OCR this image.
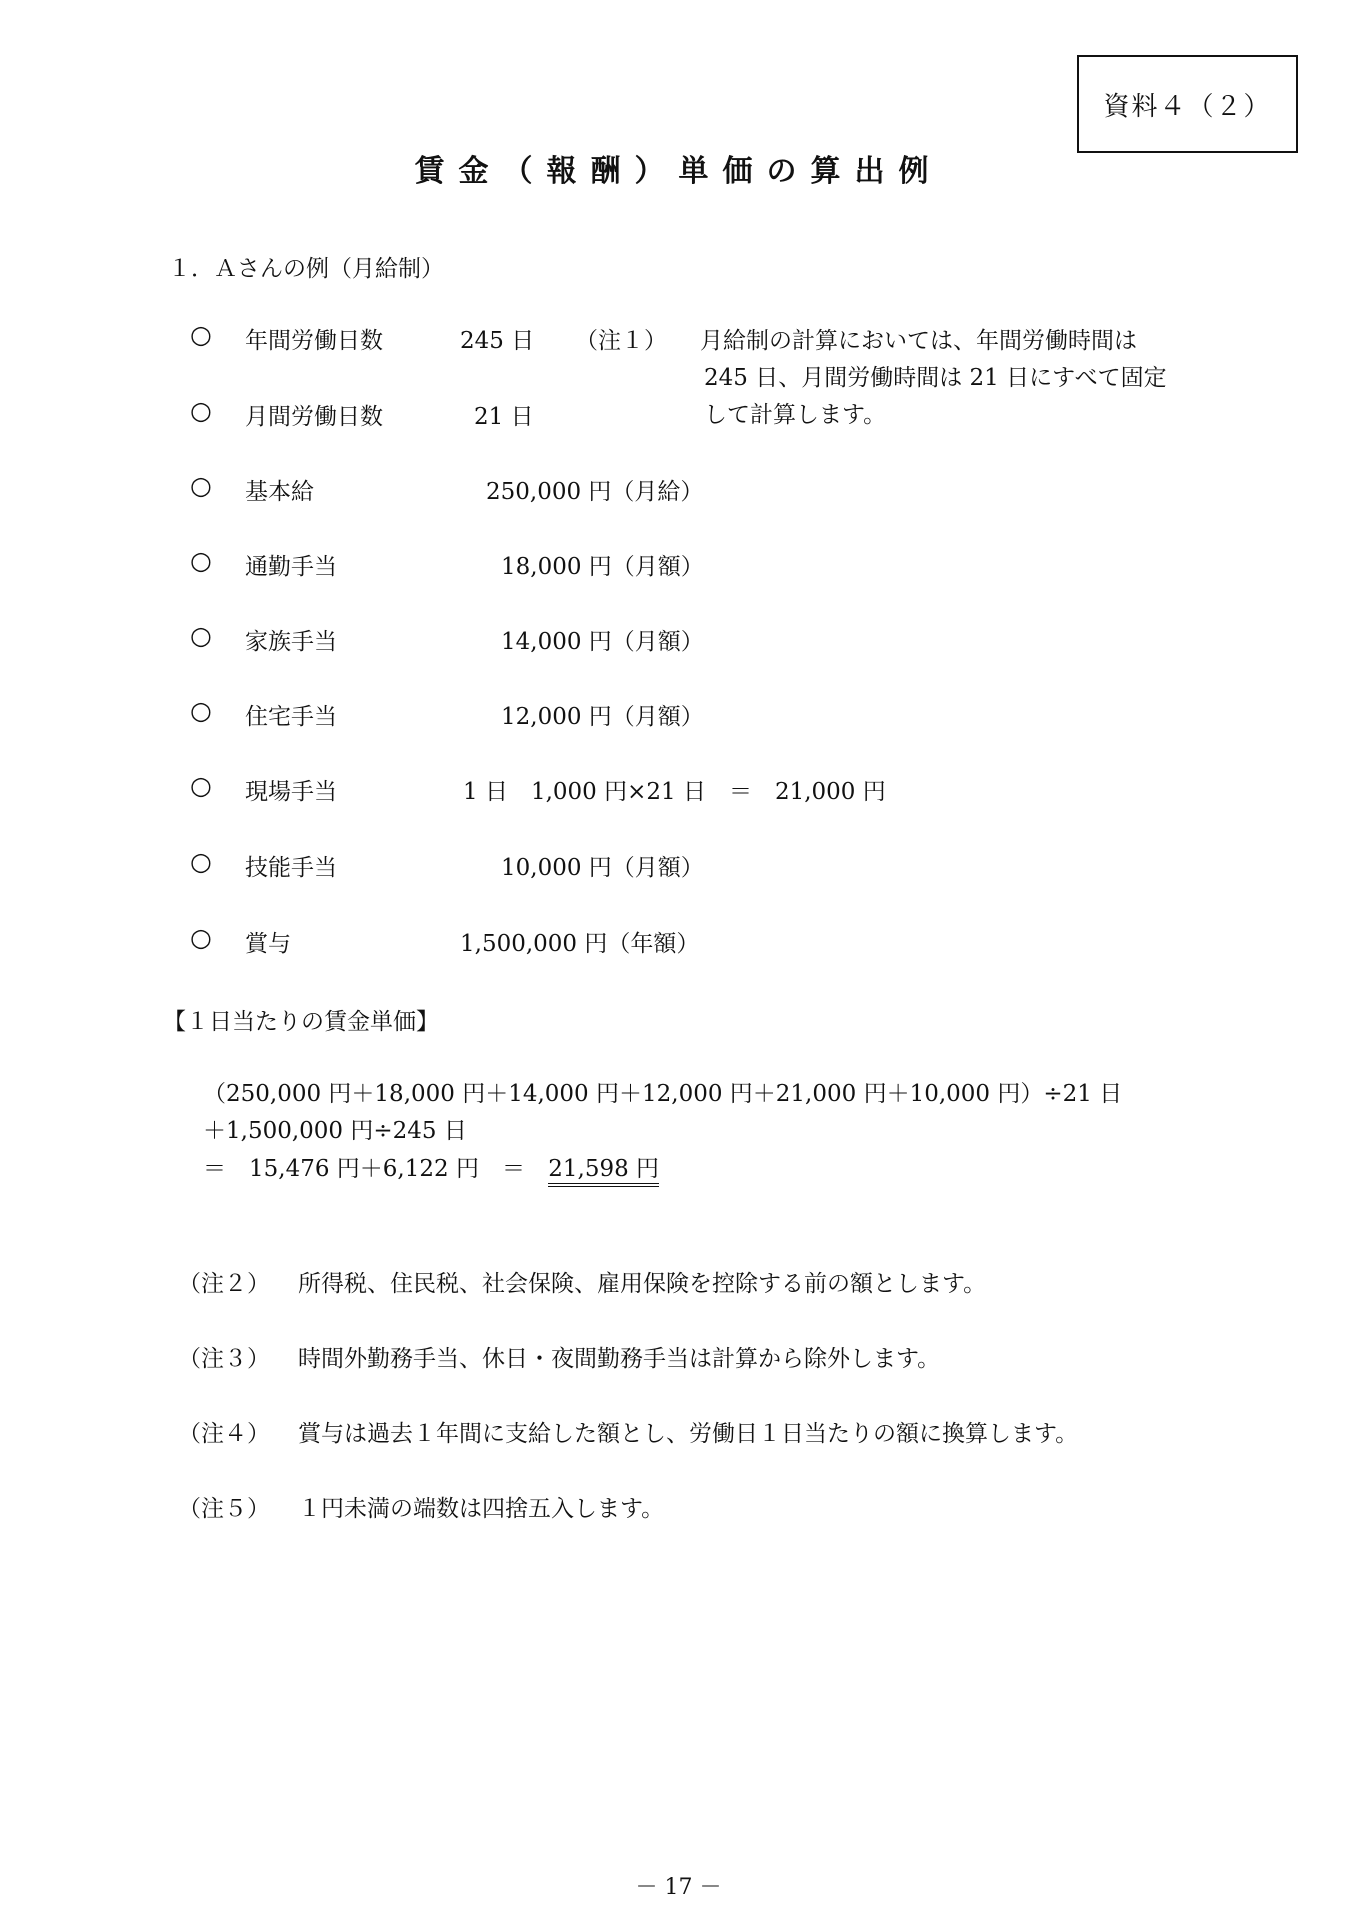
資料４（２）
賃金（報酬）単価の算出例
１．Ａさんの例（月給制）
○ 年間労働日数	245 日 （注１） 月給制の計算においては、年間労働時間は
245 日、月間労働時間は 21 日にすべて固定
して計算します。
○ 月間労働日数	21 日
○ 基本給	250,000 円（月給）
○ 通勤手当	18,000 円（月額）
○ 家族手当	14,000 円（月額）
○ 住宅手当	12,000 円（月額）
○ 現場手当	1 日　1,000 円×21 日　＝　21,000 円
○ 技能手当	10,000 円（月額）
○ 賞与	1,500,000 円（年額）
【１日当たりの賃金単価】
（250,000 円＋18,000 円＋14,000 円＋12,000 円＋21,000 円＋10,000 円）÷21 日
＋1,500,000 円÷245 日
＝　15,476 円＋6,122 円　＝ 21,598 円
（注２） 所得税、住民税、社会保険、雇用保険を控除する前の額とします。
（注３） 時間外勤務手当、休日・夜間勤務手当は計算から除外します。
（注４） 賞与は過去１年間に支給した額とし、労働日１日当たりの額に換算します。
（注５） １円未満の端数は四捨五入します。
－ 17 －
